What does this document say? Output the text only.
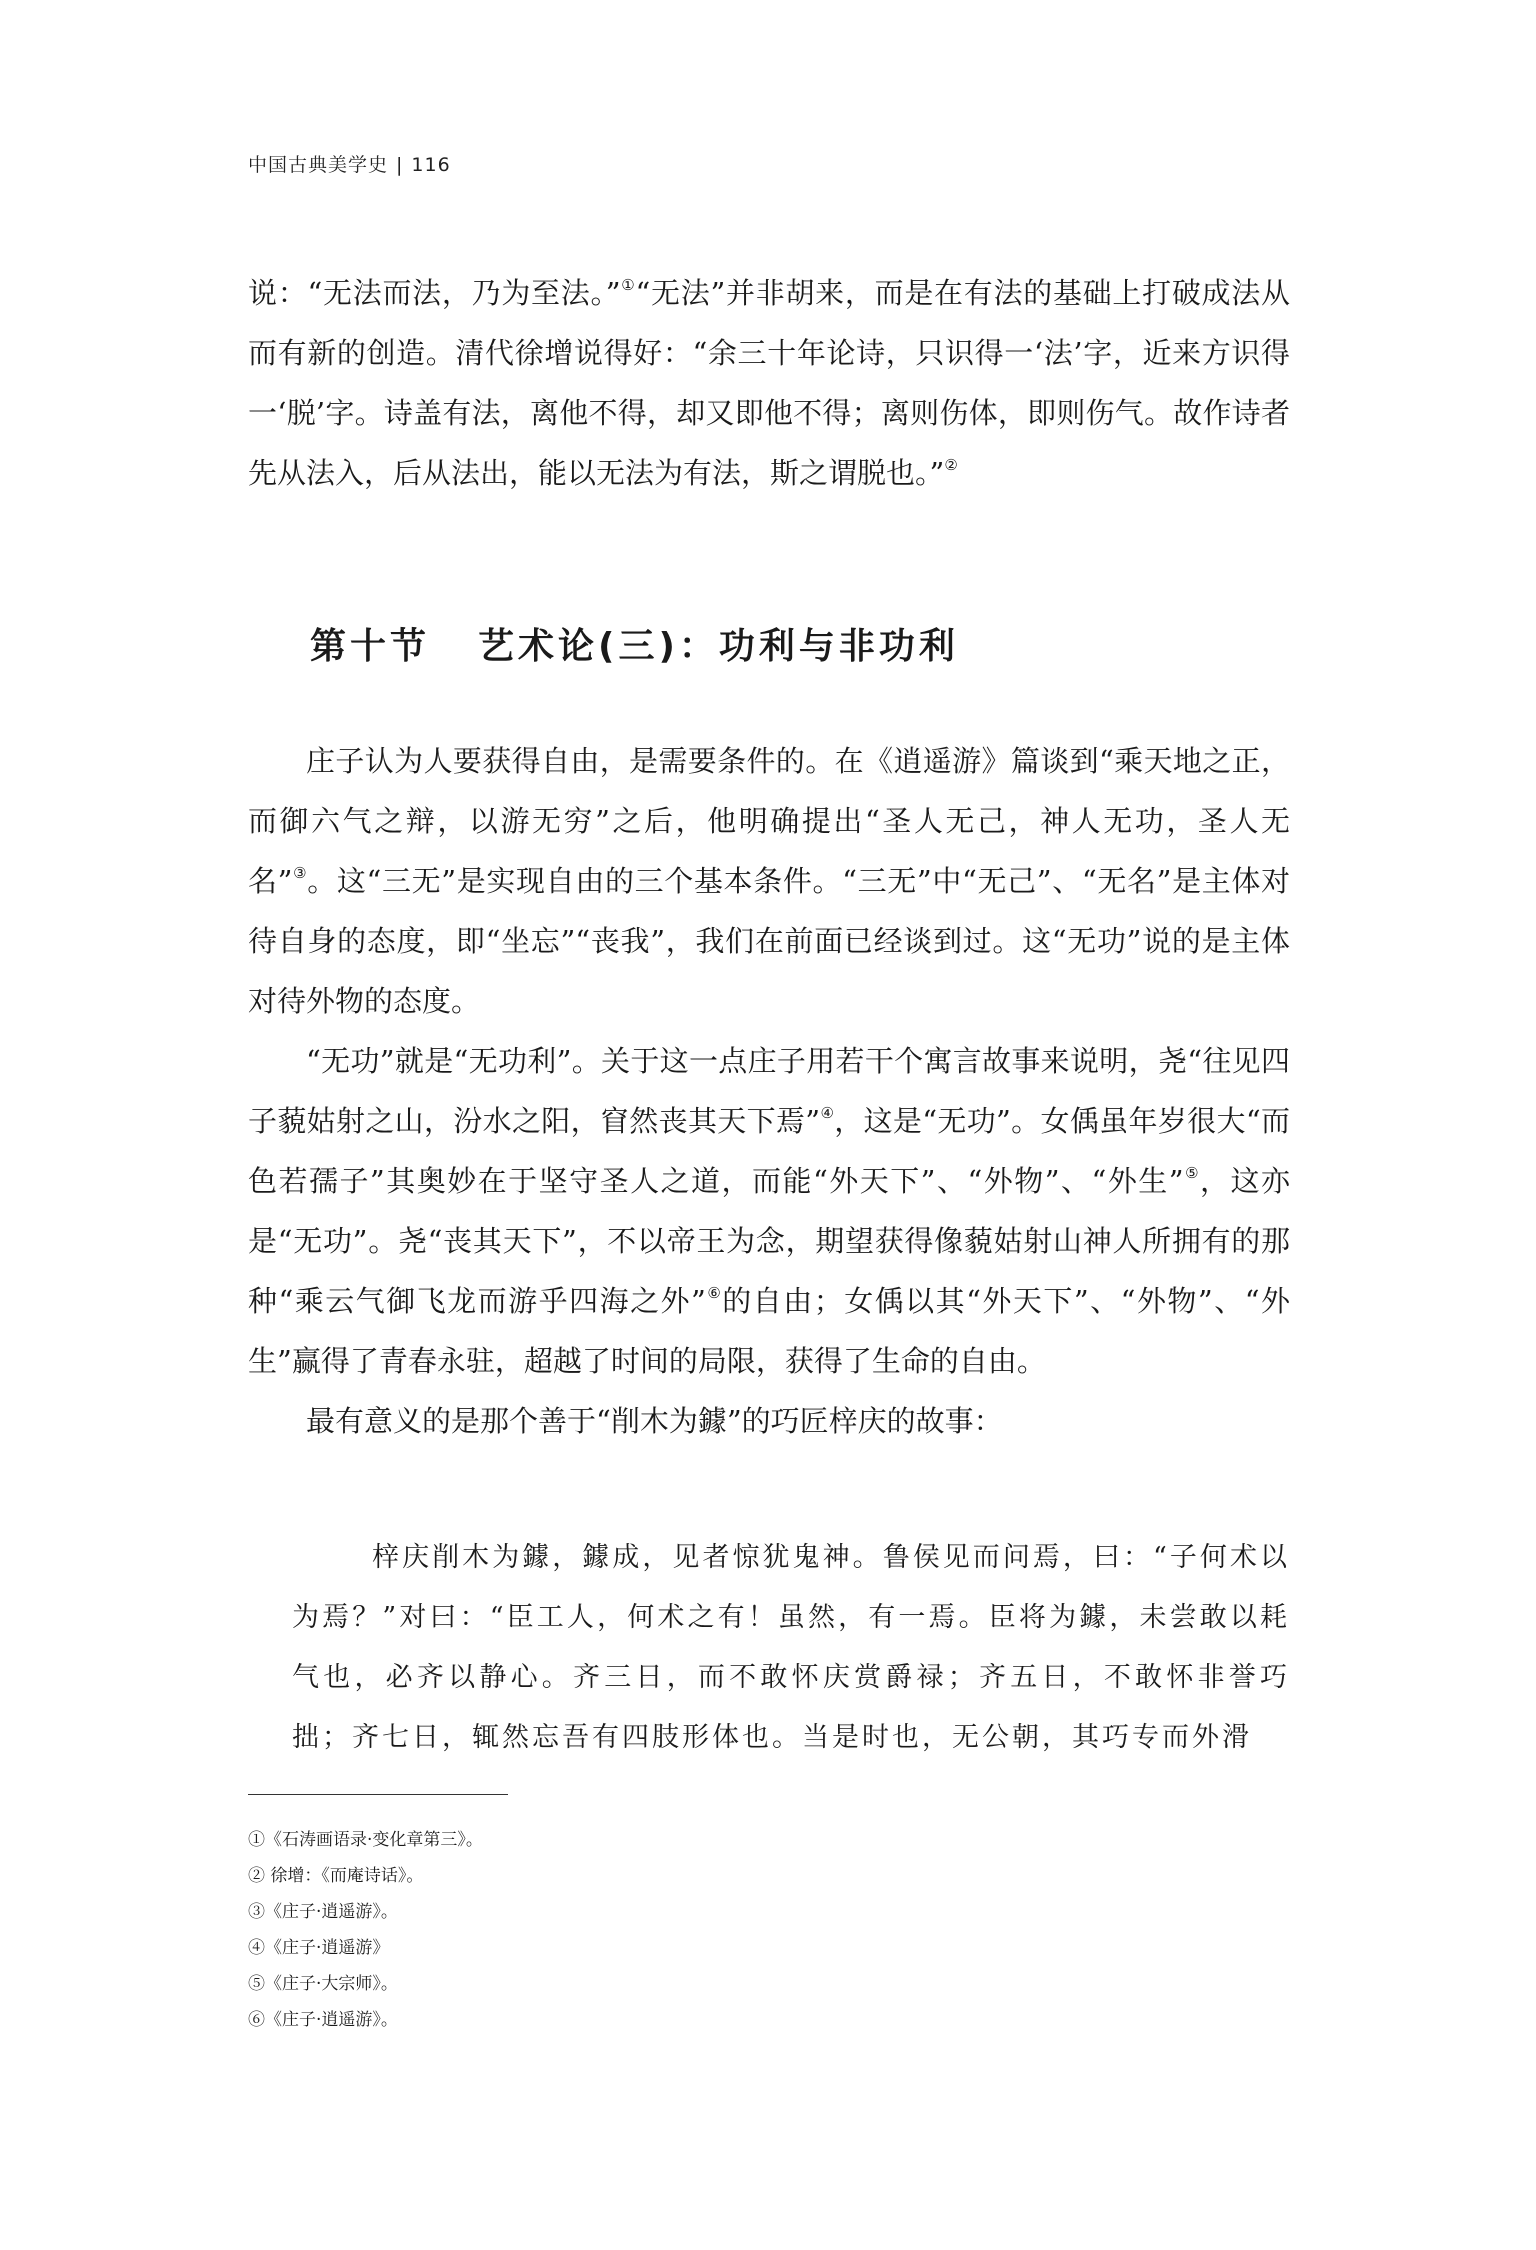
中国古典美学史 | 116

说：“无法而法，乃为至法。”①“无法”并非胡来，而是在有法的基础上打破成法从而有新的创造。清代徐增说得好：“余三十年论诗，只识得一‘法’字，近来方识得一‘脱’字。诗盖有法，离他不得，却又即他不得；离则伤体，即则伤气。故作诗者先从法入，后从法出，能以无法为有法，斯之谓脱也。”②

庄子认为人要获得自由，是需要条件的。在《逍遥游》篇谈到“乘天地之正，而御六气之辩，以游无穷”之后，他明确提出“圣人无己，神人无功，圣人无名”③。这“三无”是实现自由的三个基本条件。“三无”中“无己”、“无名”是主体对待自身的态度，即“坐忘”“丧我”，我们在前面已经谈到过。这“无功”说的是主体对待外物的态度。

“无功”就是“无功利”。关于这一点庄子用若干个寓言故事来说明，尧“往见四子藐姑射之山，汾水之阳，窅然丧其天下焉”④，这是“无功”。女偊虽年岁很大“而色若孺子”其奥妙在于坚守圣人之道，而能“外天下”、“外物”、“外生”⑤，这亦是“无功”。尧“丧其天下”，不以帝王为念，期望获得像藐姑射山神人所拥有的那种“乘云气御飞龙而游乎四海之外”⑥的自由；女偊以其“外天下”、“外物”、“外生”赢得了青春永驻，超越了时间的局限，获得了生命的自由。

最有意义的是那个善于“削木为鐻”的巧匠梓庆的故事：

第十节 艺术论(三)：功利与非功利

梓庆削木为鐻，鐻成，见者惊犹鬼神。鲁侯见而问焉，曰：“子何术以为焉？”对曰：“臣工人，何术之有！虽然，有一焉。臣将为鐻，未尝敢以耗气也，必齐以静心。齐三日，而不敢怀庆赏爵禄；齐五日，不敢怀非誉巧拙；齐七日，辄然忘吾有四肢形体也。当是时也，无公朝，其巧专而外滑

①《石涛画语录·变化章第三》。
② 徐增：《而庵诗话》。
③《庄子·逍遥游》。
④《庄子·逍遥游》
⑤《庄子·大宗师》。
⑥《庄子·逍遥游》。
